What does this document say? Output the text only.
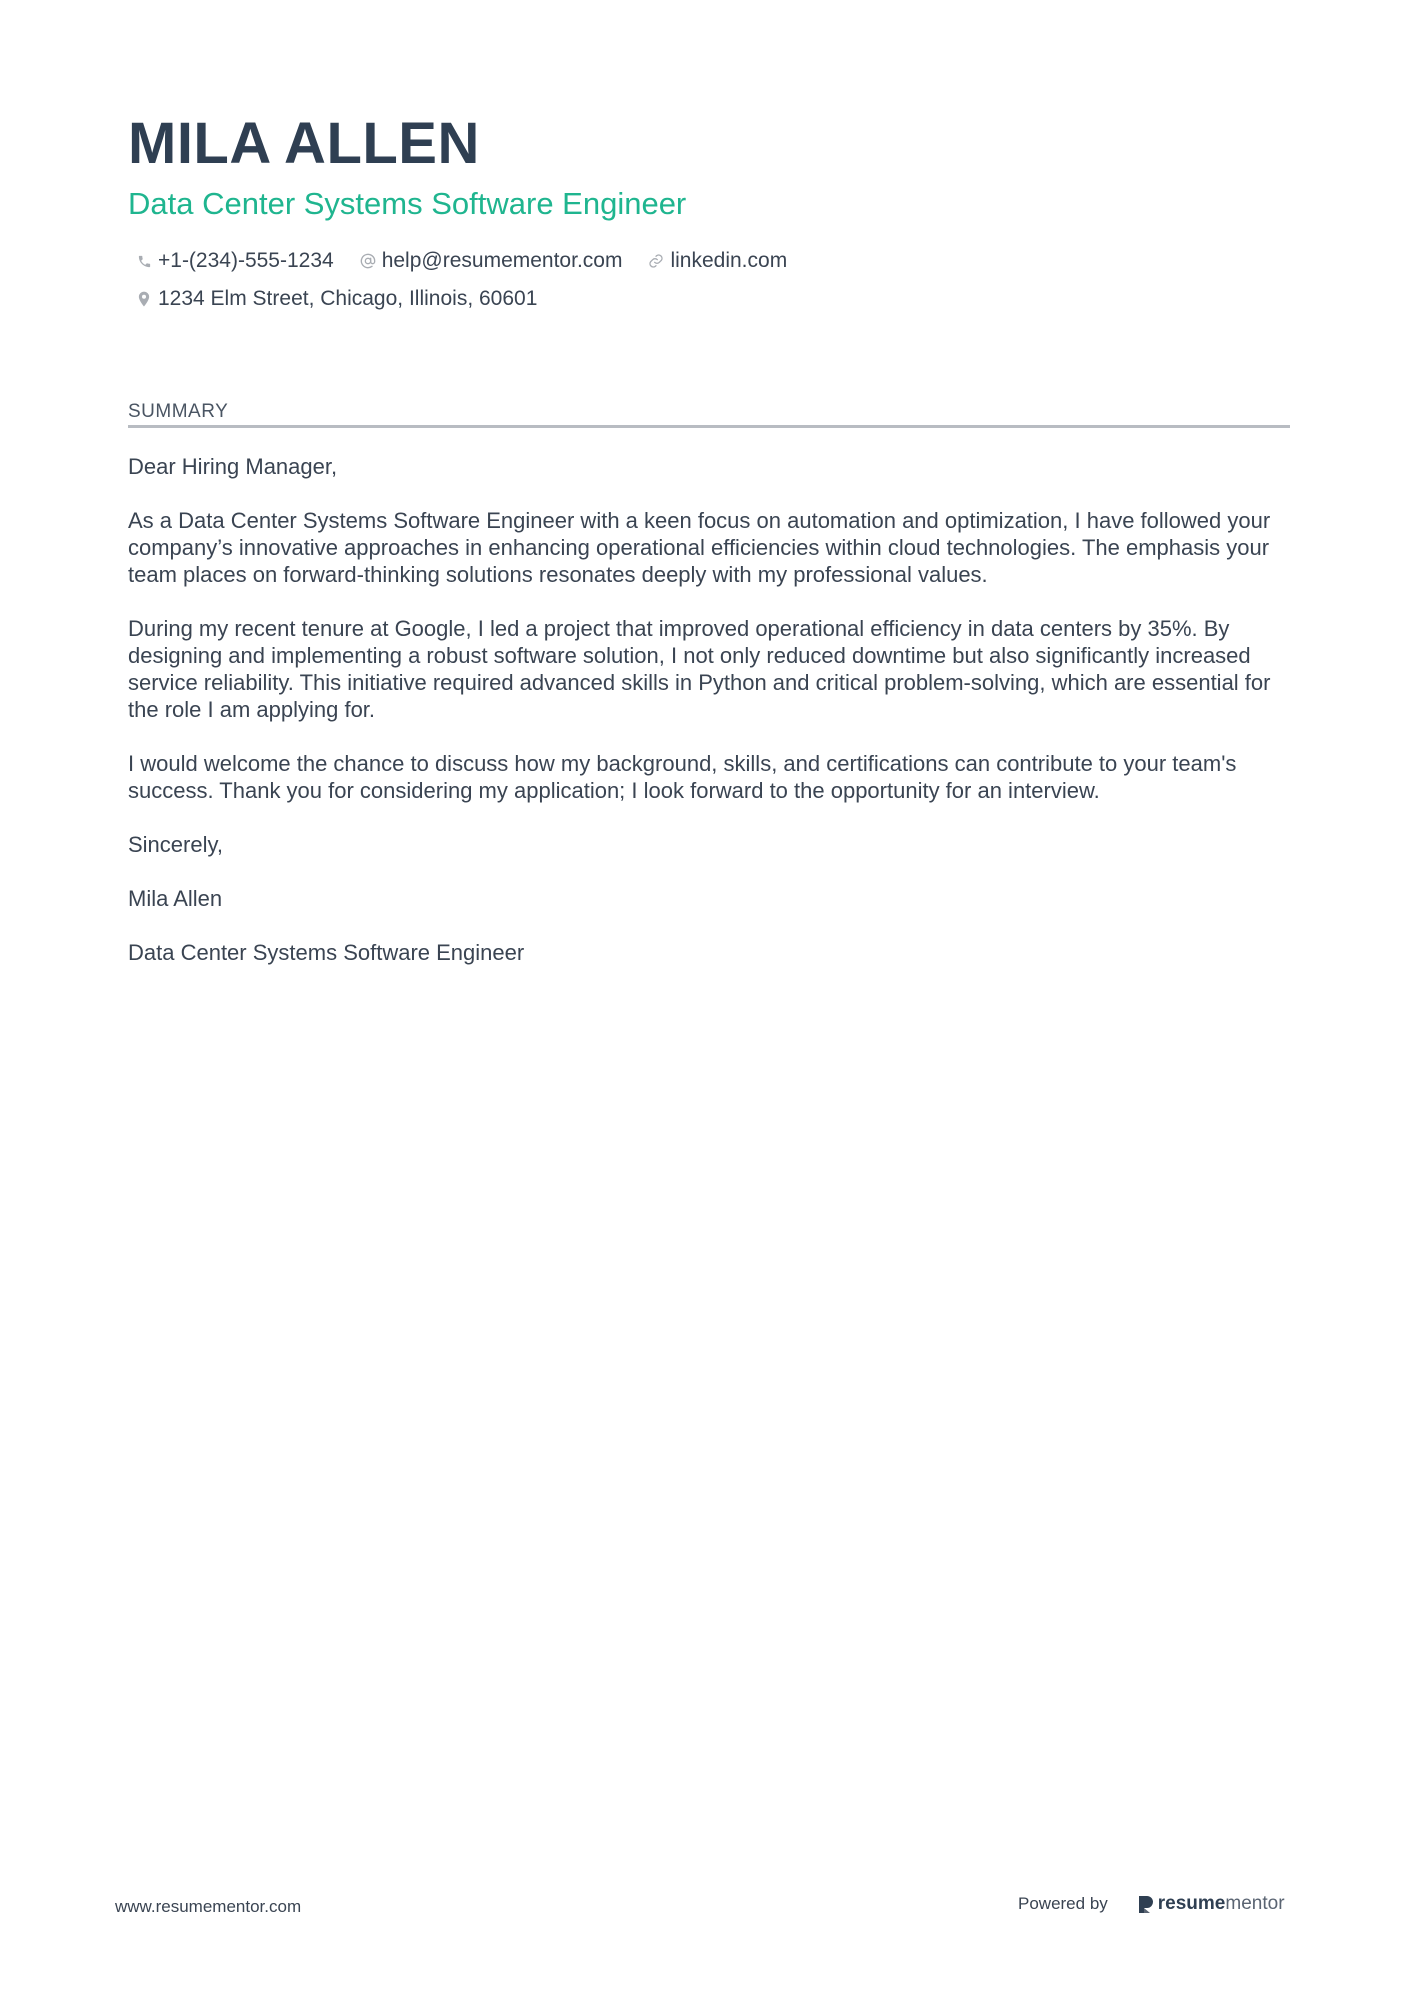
MILA ALLEN
Data Center Systems Software Engineer
+1-(234)-555-1234 help@resumementor.com linkedin.com
1234 Elm Street, Chicago, Illinois, 60601
SUMMARY

Dear Hiring Manager,

As a Data Center Systems Software Engineer with a keen focus on automation and optimization, I have followed your company’s innovative approaches in enhancing operational efficiencies within cloud technologies. The emphasis your team places on forward-thinking solutions resonates deeply with my professional values.

During my recent tenure at Google, I led a project that improved operational efficiency in data centers by 35%. By designing and implementing a robust software solution, I not only reduced downtime but also significantly increased service reliability. This initiative required advanced skills in Python and critical problem-solving, which are essential for the role I am applying for.

I would welcome the chance to discuss how my background, skills, and certifications can contribute to your team's success. Thank you for considering my application; I look forward to the opportunity for an interview.

Sincerely,

Mila Allen

Data Center Systems Software Engineer

www.resumementor.com	Powered by	resume mentor
